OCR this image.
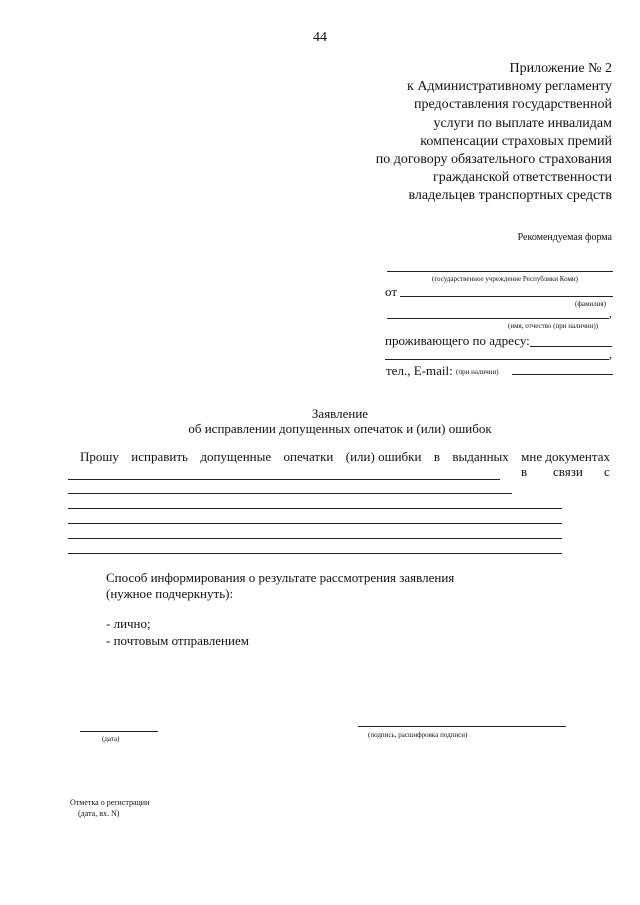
44
Приложение № 2
к Административному регламенту
предоставления государственной
услуги по выплате инвалидам
компенсации страховых премий
по договору обязательного страхования
гражданской ответственности
владельцев транспортных средств
Рекомендуемая форма
(государственное учреждение Республики Коми)
от
(фамилия)
,
(имя, отчество (при наличии))
проживающего по адресу:
,
тел., E-mail: (при наличии)
Заявление
об исправлении допущенных опечаток и (или) ошибок
Прошу исправить допущенные опечатки (или) ошибки в выданных мне документах
в связи с
Способ информирования о результате рассмотрения заявления
(нужное подчеркнуть):
- лично;
- почтовым отправлением
(дата)	(подпись, расшифровка подписи)
Отметка о регистрации
(дата, вх. N)
